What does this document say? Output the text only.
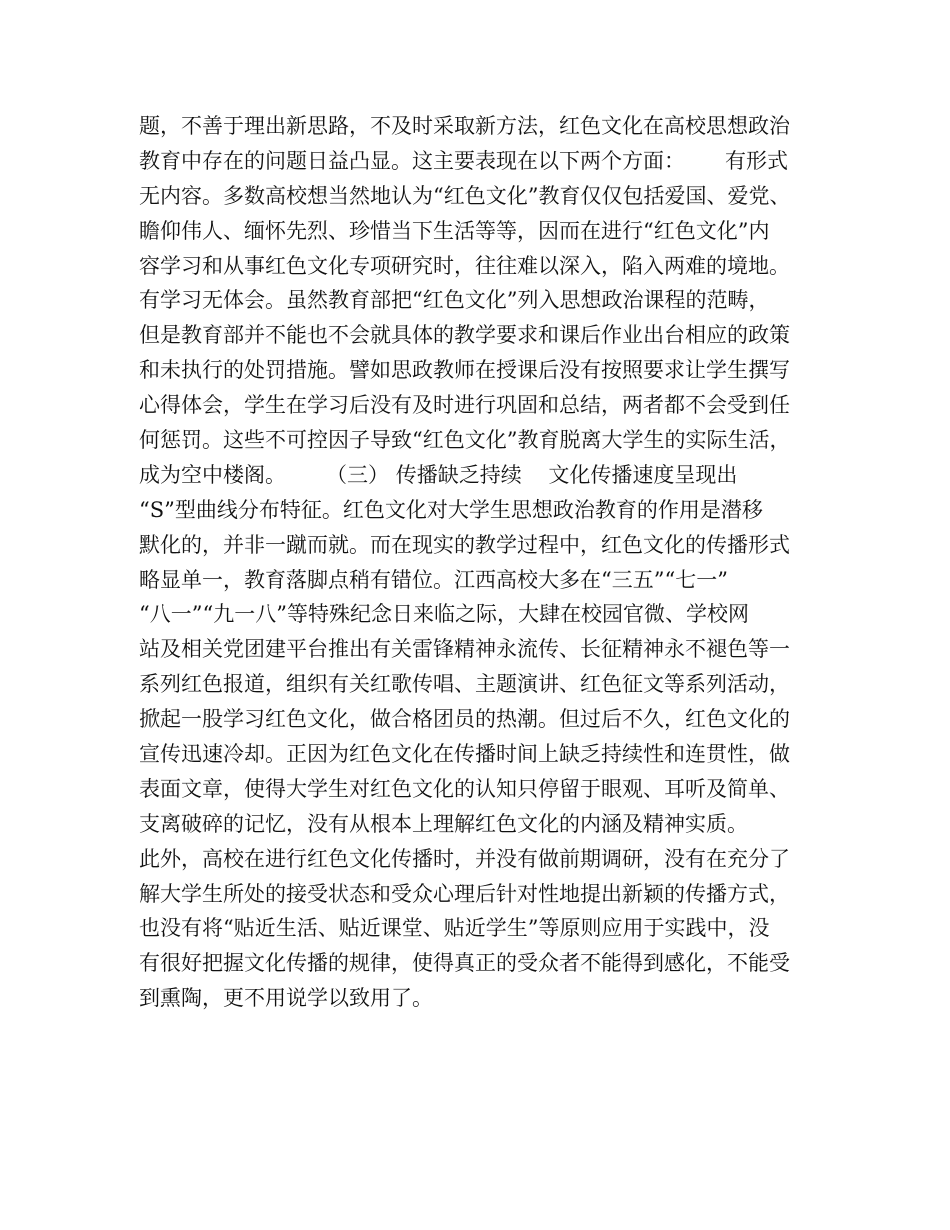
题，不善于理出新思路，不及时采取新方法，红色文化在高校思想政治
教育中存在的问题日益凸显。这主要表现在以下两个方面：      有形式
无内容。多数高校想当然地认为“红色文化”教育仅仅包括爱国、爱党、
瞻仰伟人、缅怀先烈、珍惜当下生活等等，因而在进行“红色文化”内
容学习和从事红色文化专项研究时，往往难以深入，陷入两难的境地。
有学习无体会。虽然教育部把“红色文化”列入思想政治课程的范畴，
但是教育部并不能也不会就具体的教学要求和课后作业出台相应的政策
和未执行的处罚措施。譬如思政教师在授课后没有按照要求让学生撰写
心得体会，学生在学习后没有及时进行巩固和总结，两者都不会受到任
何惩罚。这些不可控因子导致“红色文化”教育脱离大学生的实际生活，
成为空中楼阁。      （三） 传播缺乏持续    文化传播速度呈现出
“S”型曲线分布特征。红色文化对大学生思想政治教育的作用是潜移
默化的，并非一蹴而就。而在现实的教学过程中，红色文化的传播形式
略显单一，教育落脚点稍有错位。江西高校大多在“三五”“七一”
“八一”“九一八”等特殊纪念日来临之际，大肆在校园官微、学校网
站及相关党团建平台推出有关雷锋精神永流传、长征精神永不褪色等一
系列红色报道，组织有关红歌传唱、主题演讲、红色征文等系列活动，
掀起一股学习红色文化，做合格团员的热潮。但过后不久，红色文化的
宣传迅速冷却。正因为红色文化在传播时间上缺乏持续性和连贯性，做
表面文章，使得大学生对红色文化的认知只停留于眼观、耳听及简单、
支离破碎的记忆，没有从根本上理解红色文化的内涵及精神实质。
此外，高校在进行红色文化传播时，并没有做前期调研，没有在充分了
解大学生所处的接受状态和受众心理后针对性地提出新颖的传播方式，
也没有将“贴近生活、贴近课堂、贴近学生”等原则应用于实践中，没
有很好把握文化传播的规律，使得真正的受众者不能得到感化，不能受
到熏陶，更不用说学以致用了。
